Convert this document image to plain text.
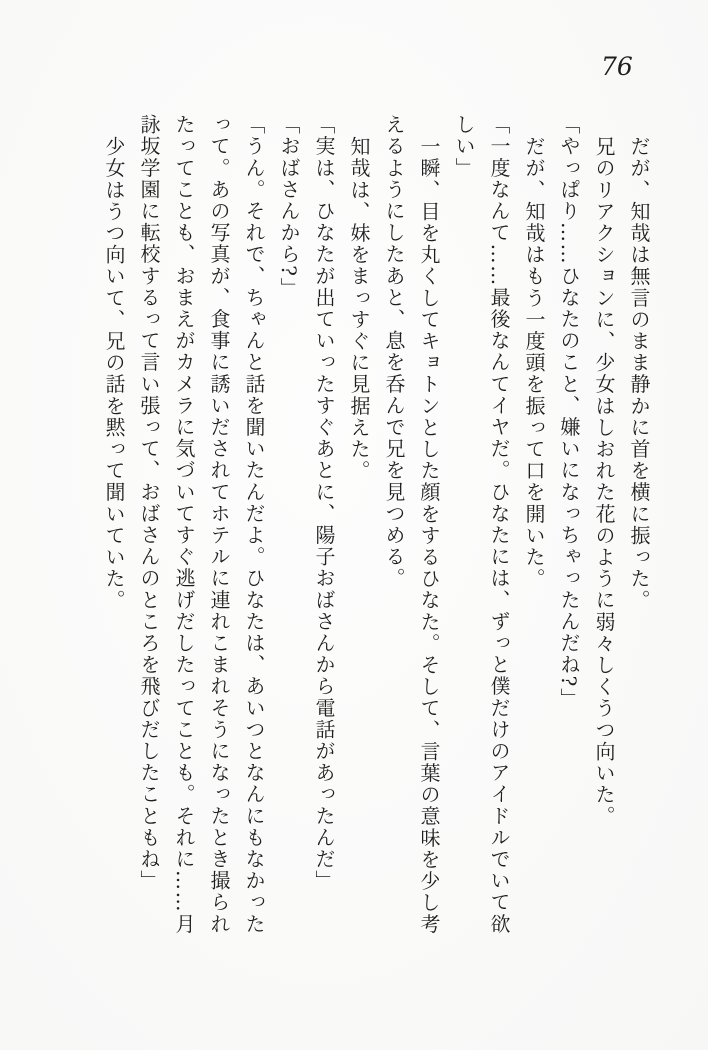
76
だが、知哉は無言のまま静かに首を横に振った。
兄のリアクションに、少女はしおれた花のように弱々しくうつ向いた。
「やっぱり……ひなたのこと、嫌いになっちゃったんだね?」
だが、知哉はもう一度頭を振って口を開いた。
「一度なんて……最後なんてイヤだ。ひなたには、ずっと僕だけのアイドルでいて欲
しい」
一瞬、目を丸くしてキョトンとした顔をするひなた。そして、言葉の意味を少し考
えるようにしたあと、息を呑んで兄を見つめる。
知哉は、妹をまっすぐに見据えた。
「実は、ひなたが出ていったすぐあとに、陽子おばさんから電話があったんだ」
「おばさんから?」
「うん。それで、ちゃんと話を聞いたんだよ。ひなたは、あいつとなんにもなかった
って。あの写真が、食事に誘いだされてホテルに連れこまれそうになったとき撮られ
たってことも、おまえがカメラに気づいてすぐ逃げだしたってことも。それに……月
詠坂学園に転校するって言い張って、おばさんのところを飛びだしたこともね」
少女はうつ向いて、兄の話を黙って聞いていた。
